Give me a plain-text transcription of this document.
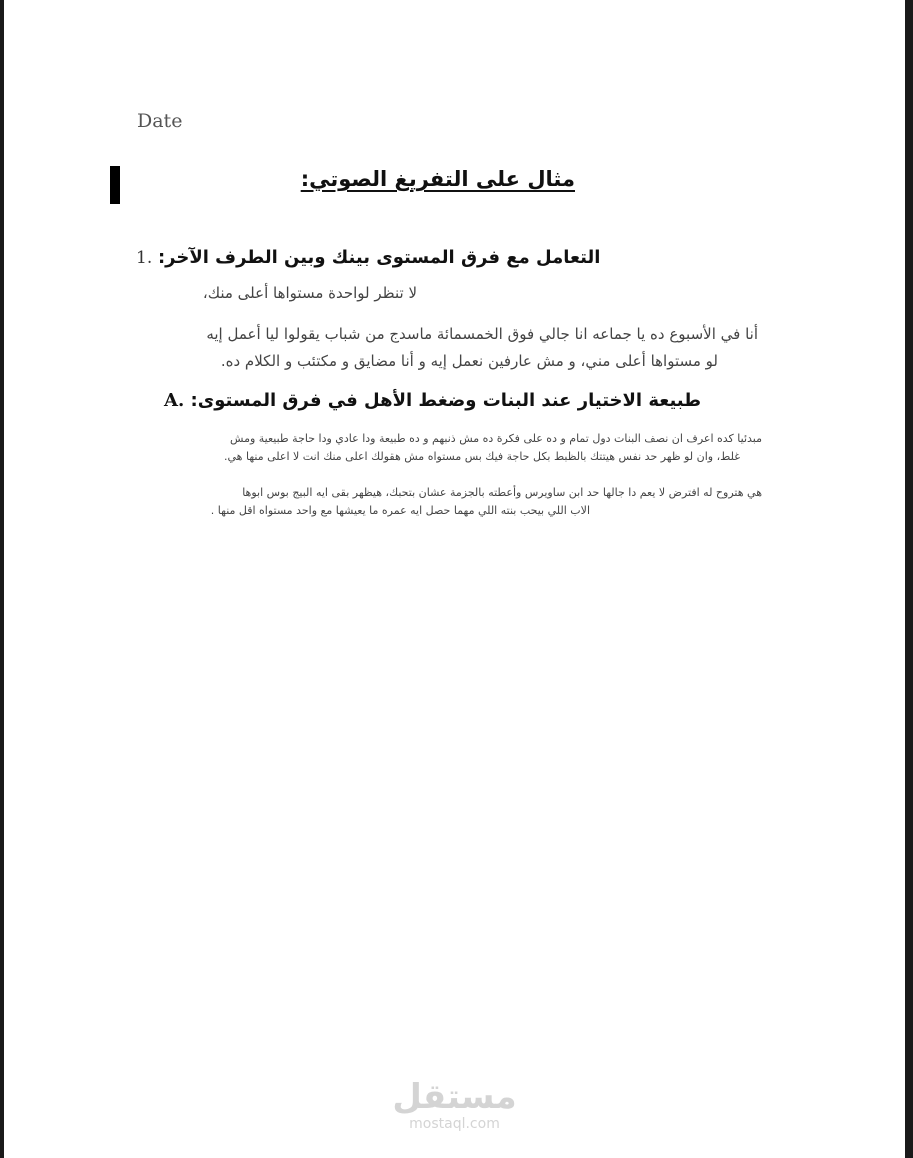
Date
مثال على التفريغ الصوتي:
1. التعامل مع فرق المستوى بينك وبين الطرف الآخر:
لا تنظر لواحدة مستواها أعلى منك،
أنا في الأسبوع ده يا جماعه انا جالي فوق الخمسمائة ماسدج من شباب يقولوا ليا أعمل إيه
لو مستواها أعلى مني، و مش عارفين نعمل إيه و أنا مضايق و مكتئب و الكلام ده.
A. طبيعة الاختيار عند البنات وضغط الأهل في فرق المستوى:
مبدئيا كده اعرف ان نصف البنات دول تمام و ده على فكرة ده مش ذنبهم و ده طبيعة ودا عادي ودا حاجة طبيعية ومش
غلط، وان لو ظهر حد نفس هيتتك بالظبط بكل حاجة فيك بس مستواه مش هقولك اعلى منك انت لا اعلى منها هي.
هي هتروح له افترض لا يعم دا جالها حد ابن ساويرس وأعطته بالجزمة عشان بتحبك، هيظهر بقى ايه البيج بوس ابوها
الاب اللي بيحب بنته اللي مهما حصل ايه عمره ما يعيشها مع واحد مستواه اقل منها .
مستقل
mostaql.com
